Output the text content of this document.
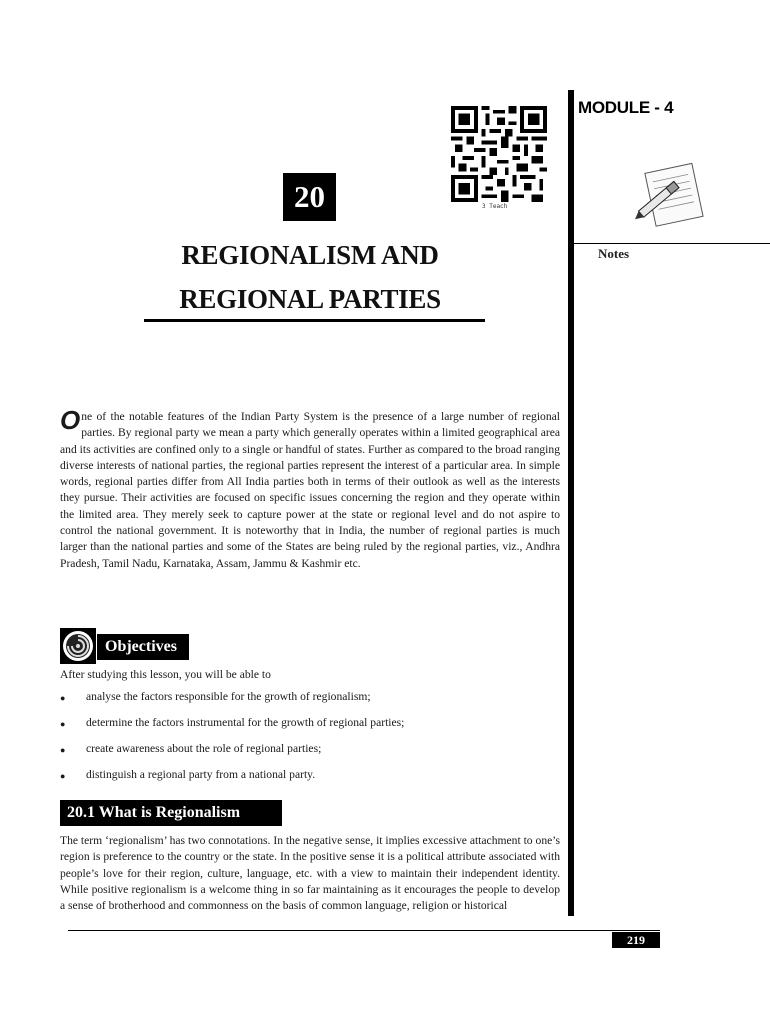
MODULE - 4
Notes
3 Teach
20
REGIONALISM AND
REGIONAL PARTIES
One of the notable features of the Indian Party System is the presence of a large number of regional parties. By regional party we mean a party which generally operates within a limited geographical area and its activities are confined only to a single or handful of states. Further as compared to the broad ranging diverse interests of national parties, the regional parties represent the interest of a particular area. In simple words, regional parties differ from All India parties both in terms of their outlook as well as the interests they pursue. Their activities are focused on specific issues concerning the region and they operate within the limited area. They merely seek to capture power at the state or regional level and do not aspire to control the national government. It is noteworthy that in India, the number of regional parties is much larger than the national parties and some of the States are being ruled by the regional parties, viz., Andhra Pradesh, Tamil Nadu, Karnataka, Assam, Jammu & Kashmir etc.
Objectives
After studying this lesson, you will be able to
● analyse the factors responsible for the growth of regionalism;
● determine the factors instrumental for the growth of regional parties;
● create awareness about the role of regional parties;
● distinguish a regional party from a national party.
20.1 What is Regionalism
The term ‘regionalism’ has two connotations. In the negative sense, it implies excessive attachment to one’s region is preference to the country or the state. In the positive sense it is a political attribute associated with people’s love for their region, culture, language, etc. with a view to maintain their independent identity. While positive regionalism is a welcome thing in so far maintaining as it encourages the people to develop a sense of brotherhood and commonness on the basis of common language, religion or historical
219
